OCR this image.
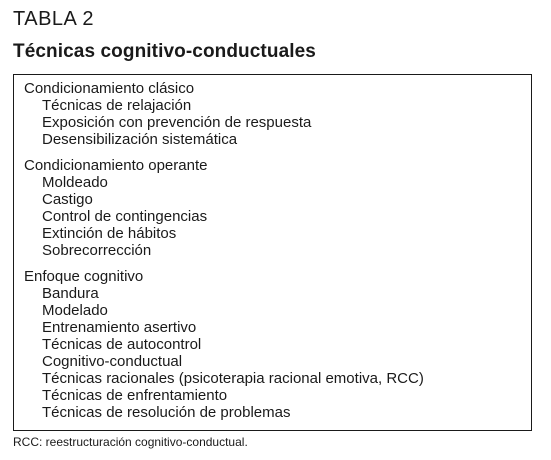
TABLA 2
Técnicas cognitivo-conductuales
Condicionamiento clásico
Técnicas de relajación
Exposición con prevención de respuesta
Desensibilización sistemática
Condicionamiento operante
Moldeado
Castigo
Control de contingencias
Extinción de hábitos
Sobrecorrección
Enfoque cognitivo
Bandura
Modelado
Entrenamiento asertivo
Técnicas de autocontrol
Cognitivo-conductual
Técnicas racionales (psicoterapia racional emotiva, RCC)
Técnicas de enfrentamiento
Técnicas de resolución de problemas
RCC: reestructuración cognitivo-conductual.
